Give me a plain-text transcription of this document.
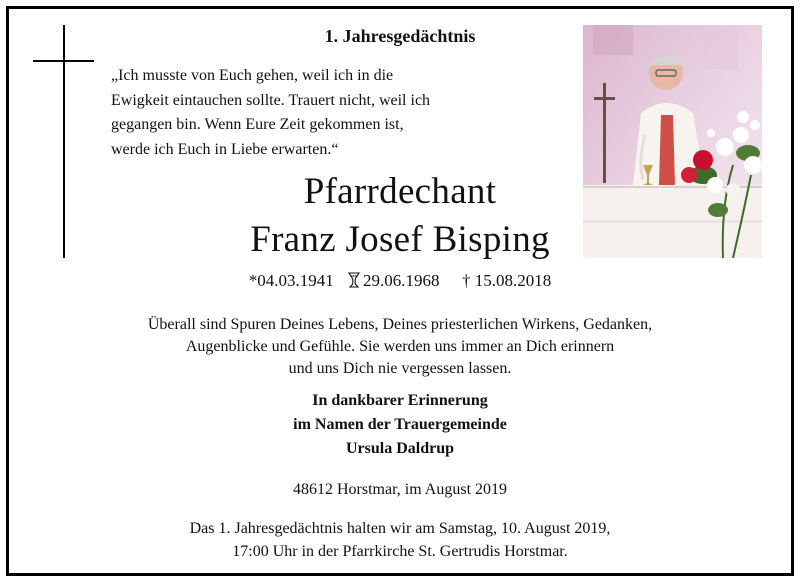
1. Jahresgedächtnis
„Ich musste von Euch gehen, weil ich in die
Ewigkeit eintauchen sollte. Trauert nicht, weil ich
gegangen bin. Wenn Eure Zeit gekommen ist,
werde ich Euch in Liebe erwarten.“
Pfarrdechant
Franz Josef Bisping
*04.03.1941 29.06.1968 † 15.08.2018
Überall sind Spuren Deines Lebens, Deines priesterlichen Wirkens, Gedanken,
Augenblicke und Gefühle. Sie werden uns immer an Dich erinnern
und uns Dich nie vergessen lassen.
In dankbarer Erinnerung
im Namen der Trauergemeinde
Ursula Daldrup
48612 Horstmar, im August 2019
Das 1. Jahresgedächtnis halten wir am Samstag, 10. August 2019,
17:00 Uhr in der Pfarrkirche St. Gertrudis Horstmar.
